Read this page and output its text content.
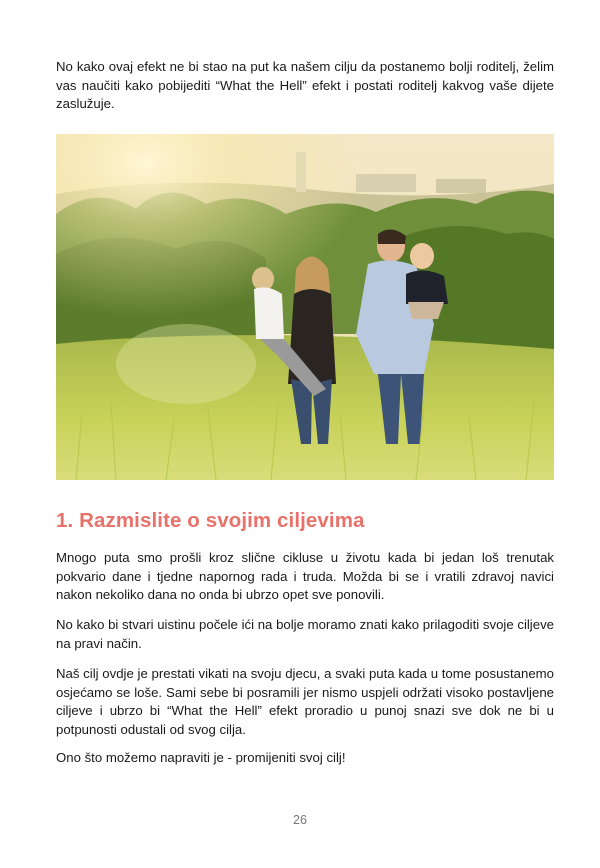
No kako ovaj efekt ne bi stao na put ka našem cilju da postanemo bolji roditelj, želim vas naučiti kako pobijediti “What the Hell” efekt i postati roditelj kakvog vaše dijete zaslužuje.

1. Razmislite o svojim ciljevima

Mnogo puta smo prošli kroz slične cikluse u životu kada bi jedan loš trenutak pokvario dane i tjedne napornog rada i truda. Možda bi se i vratili zdravoj navici nakon nekoliko dana no onda bi ubrzo opet sve ponovili.

No kako bi stvari uistinu počele ići na bolje moramo znati kako prilagoditi svoje ciljeve na pravi način.

Naš cilj ovdje je prestati vikati na svoju djecu, a svaki puta kada u tome posustanemo osjećamo se loše. Sami sebe bi posramili jer nismo uspjeli održati visoko postavljene ciljeve i ubrzo bi “What the Hell” efekt proradio u punoj snazi sve dok ne bi u potpunosti odustali od svog cilja.

Ono što možemo napraviti je - promijeniti svoj cilj!

26
